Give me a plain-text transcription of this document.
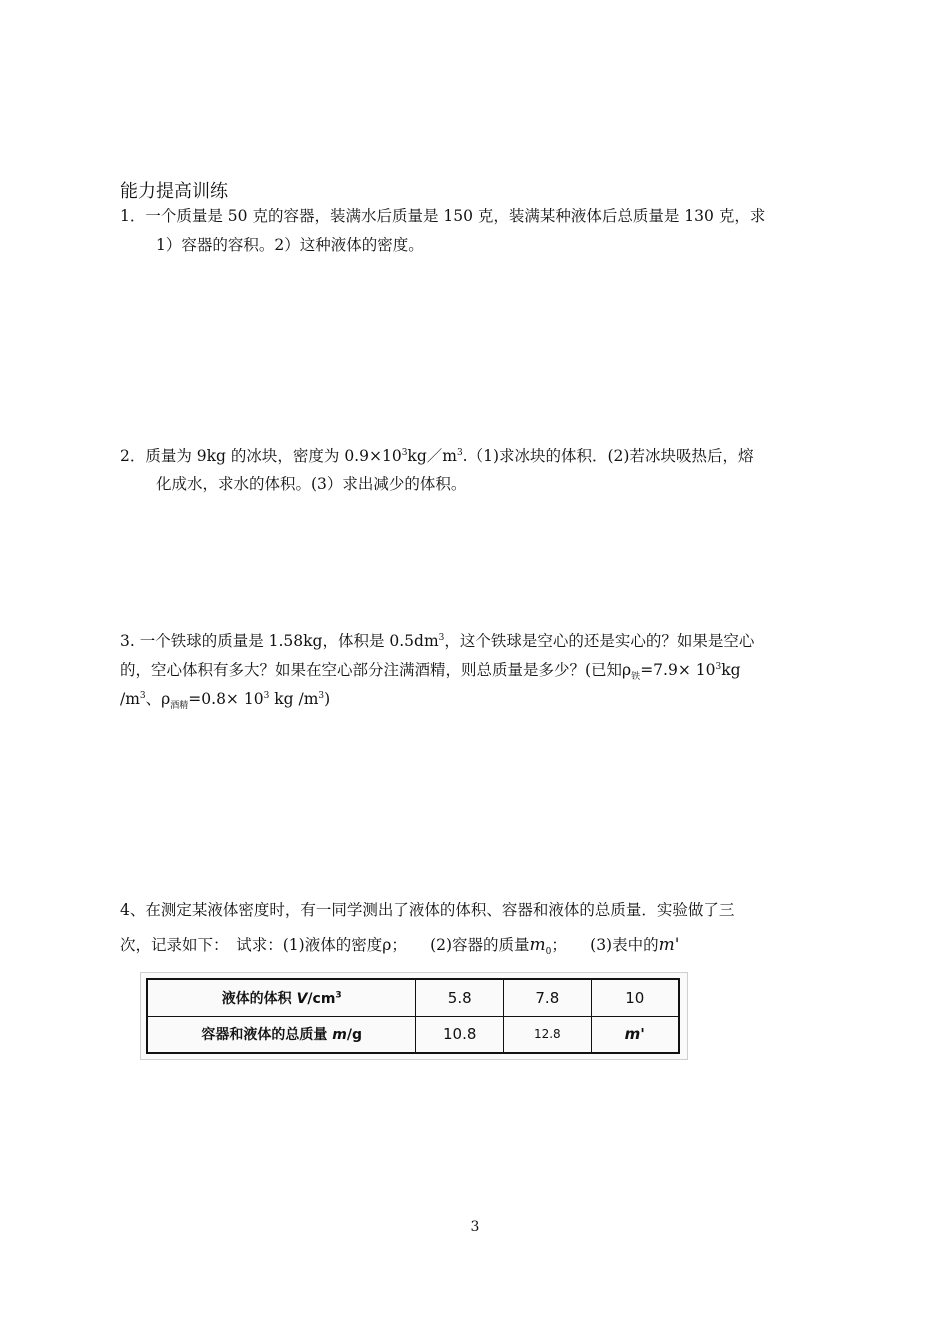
能力提高训练
1．一个质量是 50 克的容器，装满水后质量是 150 克，装满某种液体后总质量是 130 克，求
1）容器的容积。2）这种液体的密度。
2．质量为 9kg 的冰块，密度为 $0.9\times 10^3kg/m^3.(1)$求冰块的体积．(2)若冰块吸热后，熔
化成水，求水的体积。(3）求出减少的体积。
3. 一个铁球的质量是 1.58kg，体积是 $0.5dm^3$，这个铁球是空心的还是实心的？如果是空心
的，空心体积有多大？如果在空心部分注满酒精，则总质量是多少？(已知$\rho_铁=7.9\times 10^3kg$
$/m^3$、$\rho_{酒精}=0.8\times 10^3$ kg $/m^3$)
4、在测定某液体密度时，有一同学测出了液体的体积、容器和液体的总质量．实验做了三
次，记录如下：　试求：(1)液体的密度ρ；　　(2)容器的质量$m_0$；　　(3)表中的m'
液体的体积 $V/cm^3$	5.8	7.8	10
容器和液体的总质量 m/g	10.8	12.8	m'
3
